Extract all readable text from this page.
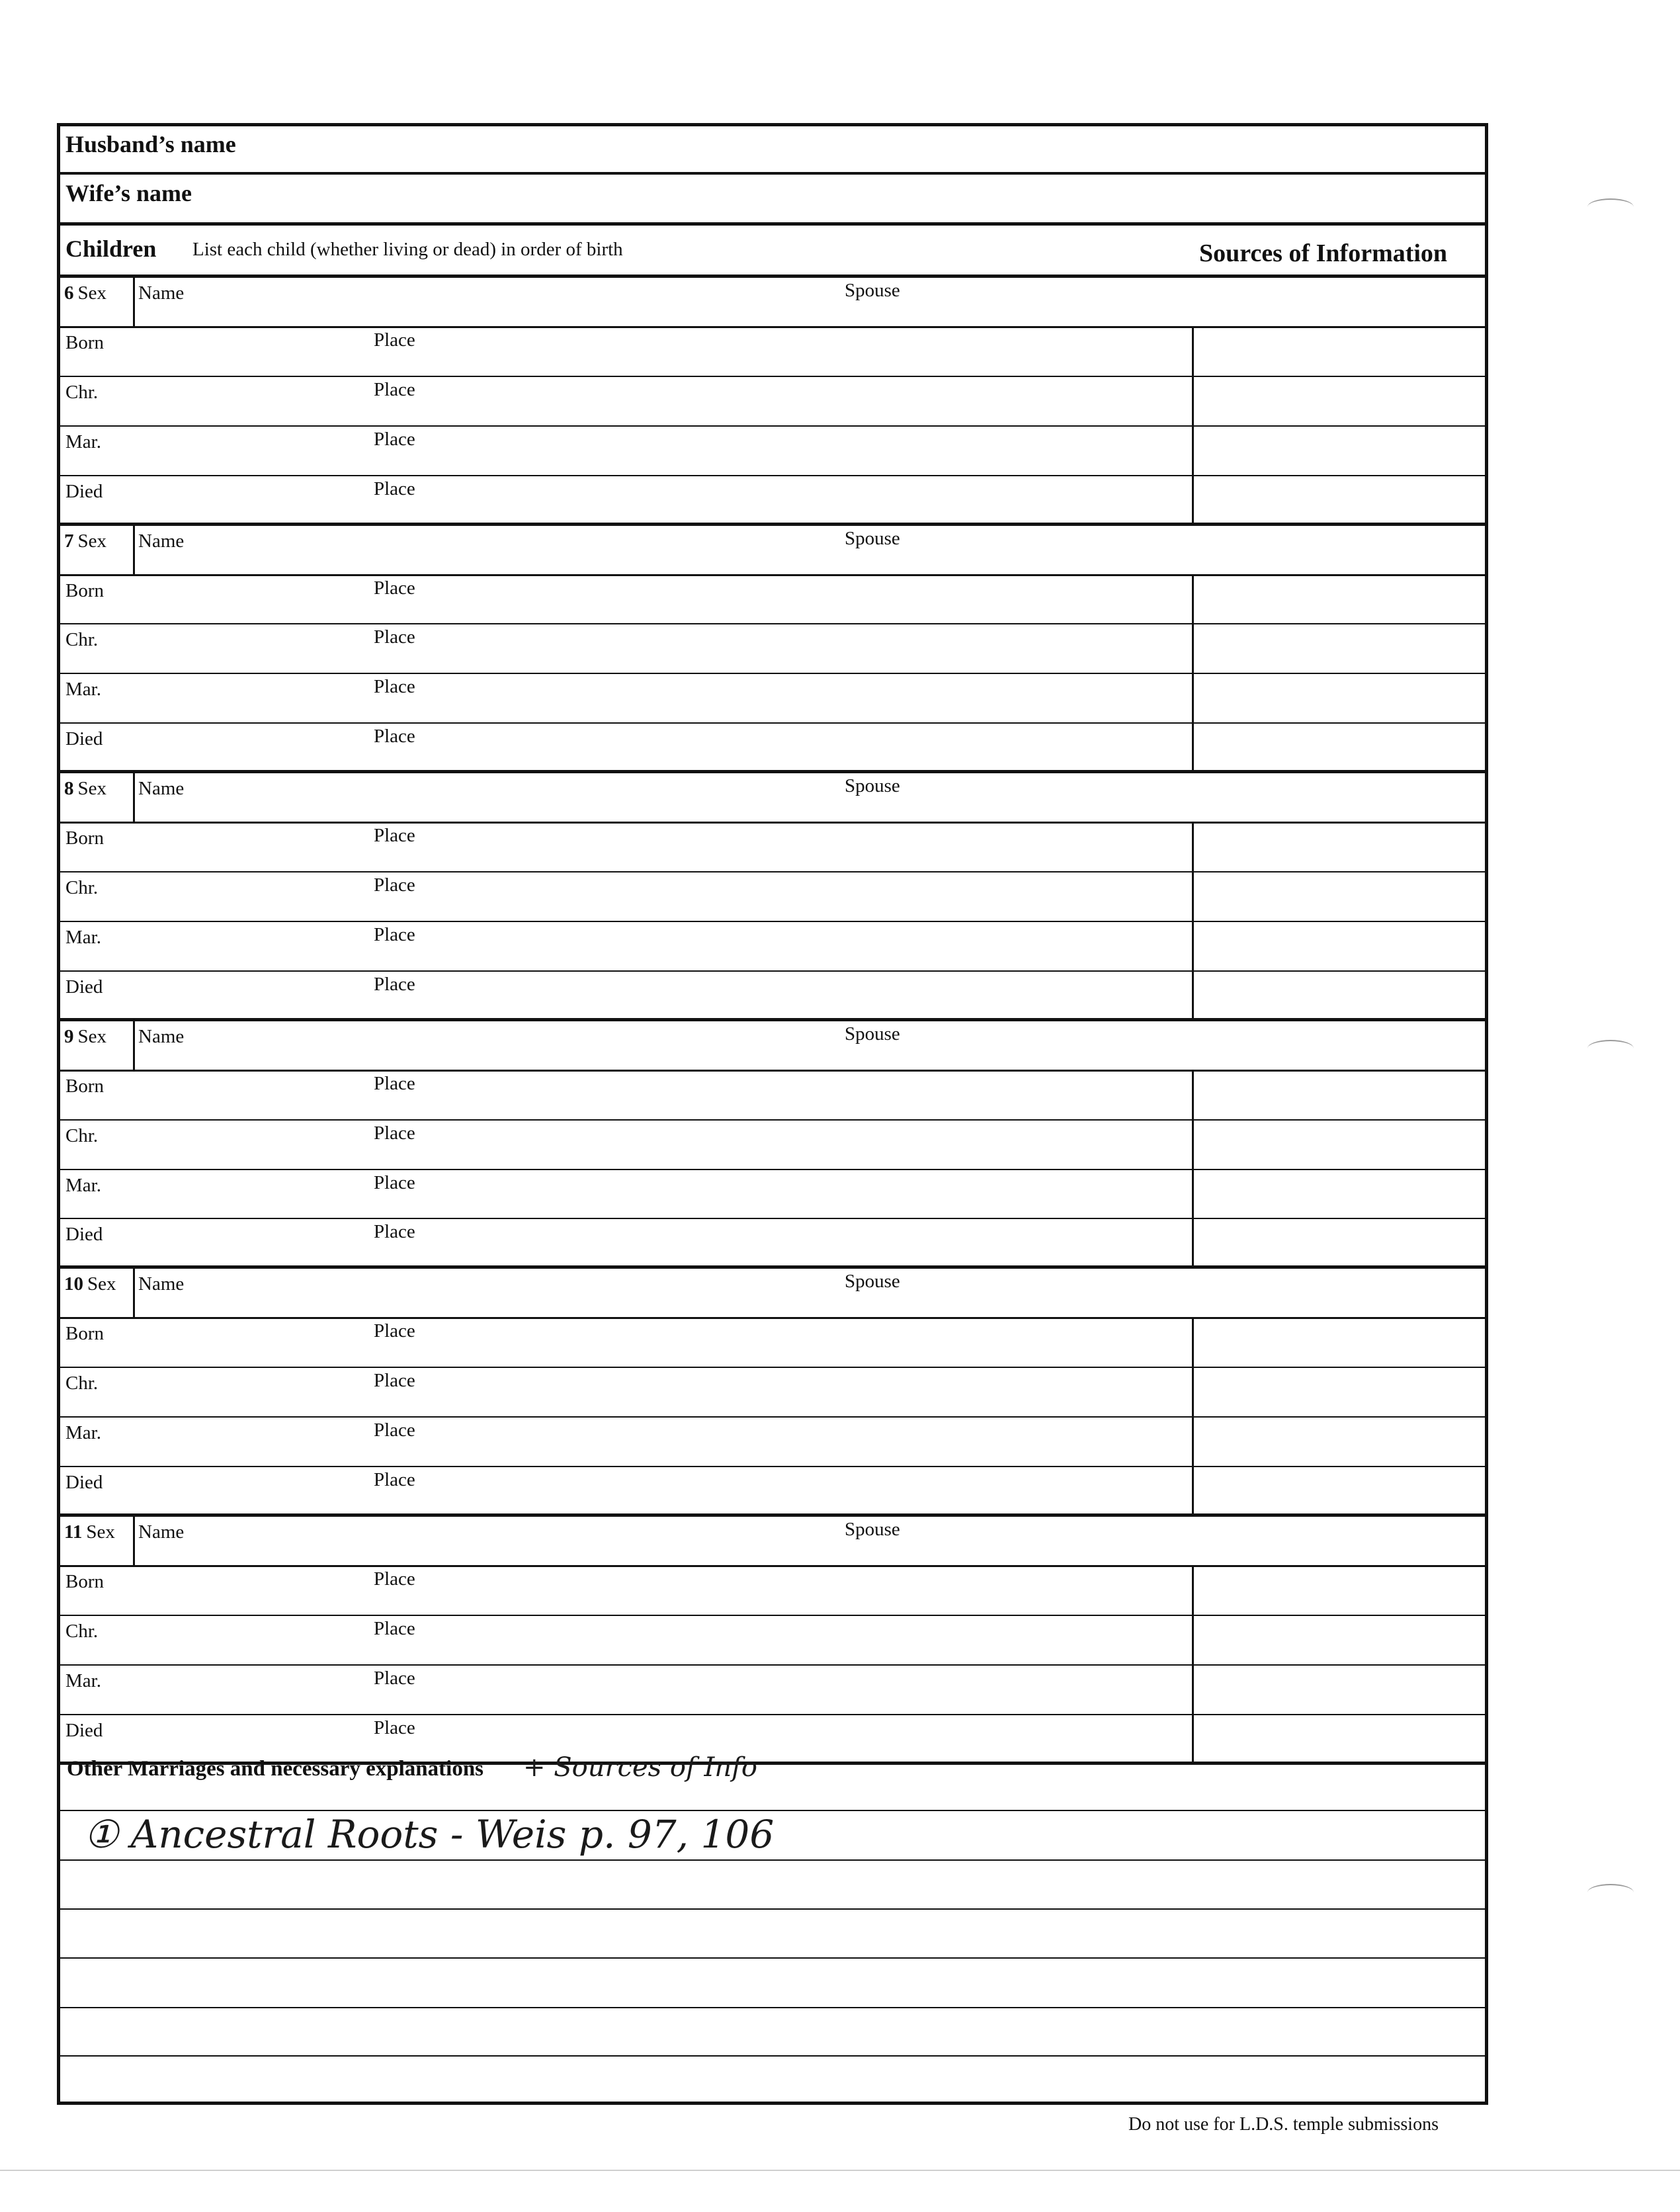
Husband’s name
Wife’s name
Children List each child (whether living or dead) in order of birth	Sources of Information
6 Sex Name	Spouse
Born	Place
Chr.	Place
Mar.	Place
Died	Place
7 Sex Name	Spouse
Born	Place
Chr.	Place
Mar.	Place
Died	Place
8 Sex Name	Spouse
Born	Place
Chr.	Place
Mar.	Place
Died	Place
9 Sex Name	Spouse
Born	Place
Chr.	Place
Mar.	Place
Died	Place
10 Sex Name	Spouse
Born	Place
Chr.	Place
Mar.	Place
Died	Place
11 Sex Name	Spouse
Born	Place
Chr.	Place
Mar.	Place
Died	Place
Other Marriages and necessary explanations + Sources of Info
① Ancestral Roots - Weis p. 97, 106
Do not use for L.D.S. temple submissions
